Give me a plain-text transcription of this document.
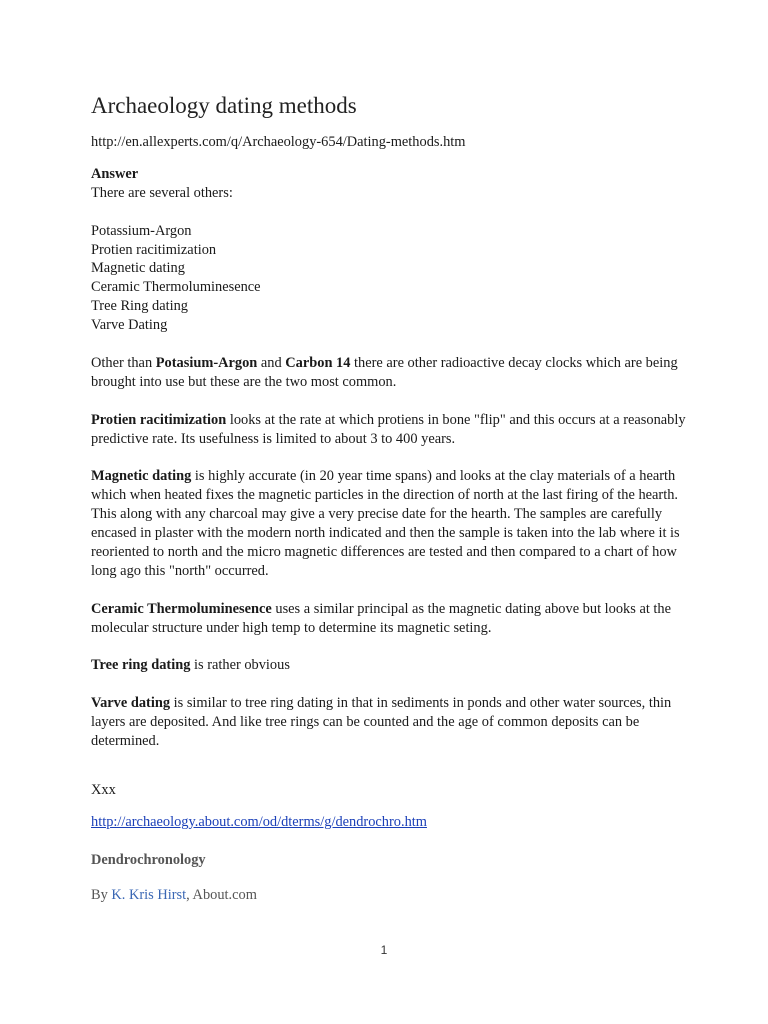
Archaeology dating methods

http://en.allexperts.com/q/Archaeology-654/Dating-methods.htm

Answer

There are several others:

Potassium-Argon
Protien racitimization
Magnetic dating
Ceramic Thermoluminesence
Tree Ring dating
Varve Dating

Other than Potasium-Argon and Carbon 14 there are other radioactive decay clocks which are being brought into use but these are the two most common.

Protien racitimization looks at the rate at which protiens in bone "flip" and this occurs at a reasonably predictive rate. Its usefulness is limited to about 3 to 400 years.

Magnetic dating is highly accurate (in 20 year time spans) and looks at the clay materials of a hearth which when heated fixes the magnetic particles in the direction of north at the last firing of the hearth. This along with any charcoal may give a very precise date for the hearth. The samples are carefully encased in plaster with the modern north indicated and then the sample is taken into the lab where it is reoriented to north and the micro magnetic differences are tested and then compared to a chart of how long ago this "north" occurred.

Ceramic Thermoluminesence uses a similar principal as the magnetic dating above but looks at the molecular structure under high temp to determine its magnetic seting.

Tree ring dating is rather obvious

Varve dating is similar to tree ring dating in that in sediments in ponds and other water sources, thin layers are deposited. And like tree rings can be counted and the age of common deposits can be determined.

Xxx

http://archaeology.about.com/od/dterms/g/dendrochro.htm

Dendrochronology

By K. Kris Hirst, About.com

1
